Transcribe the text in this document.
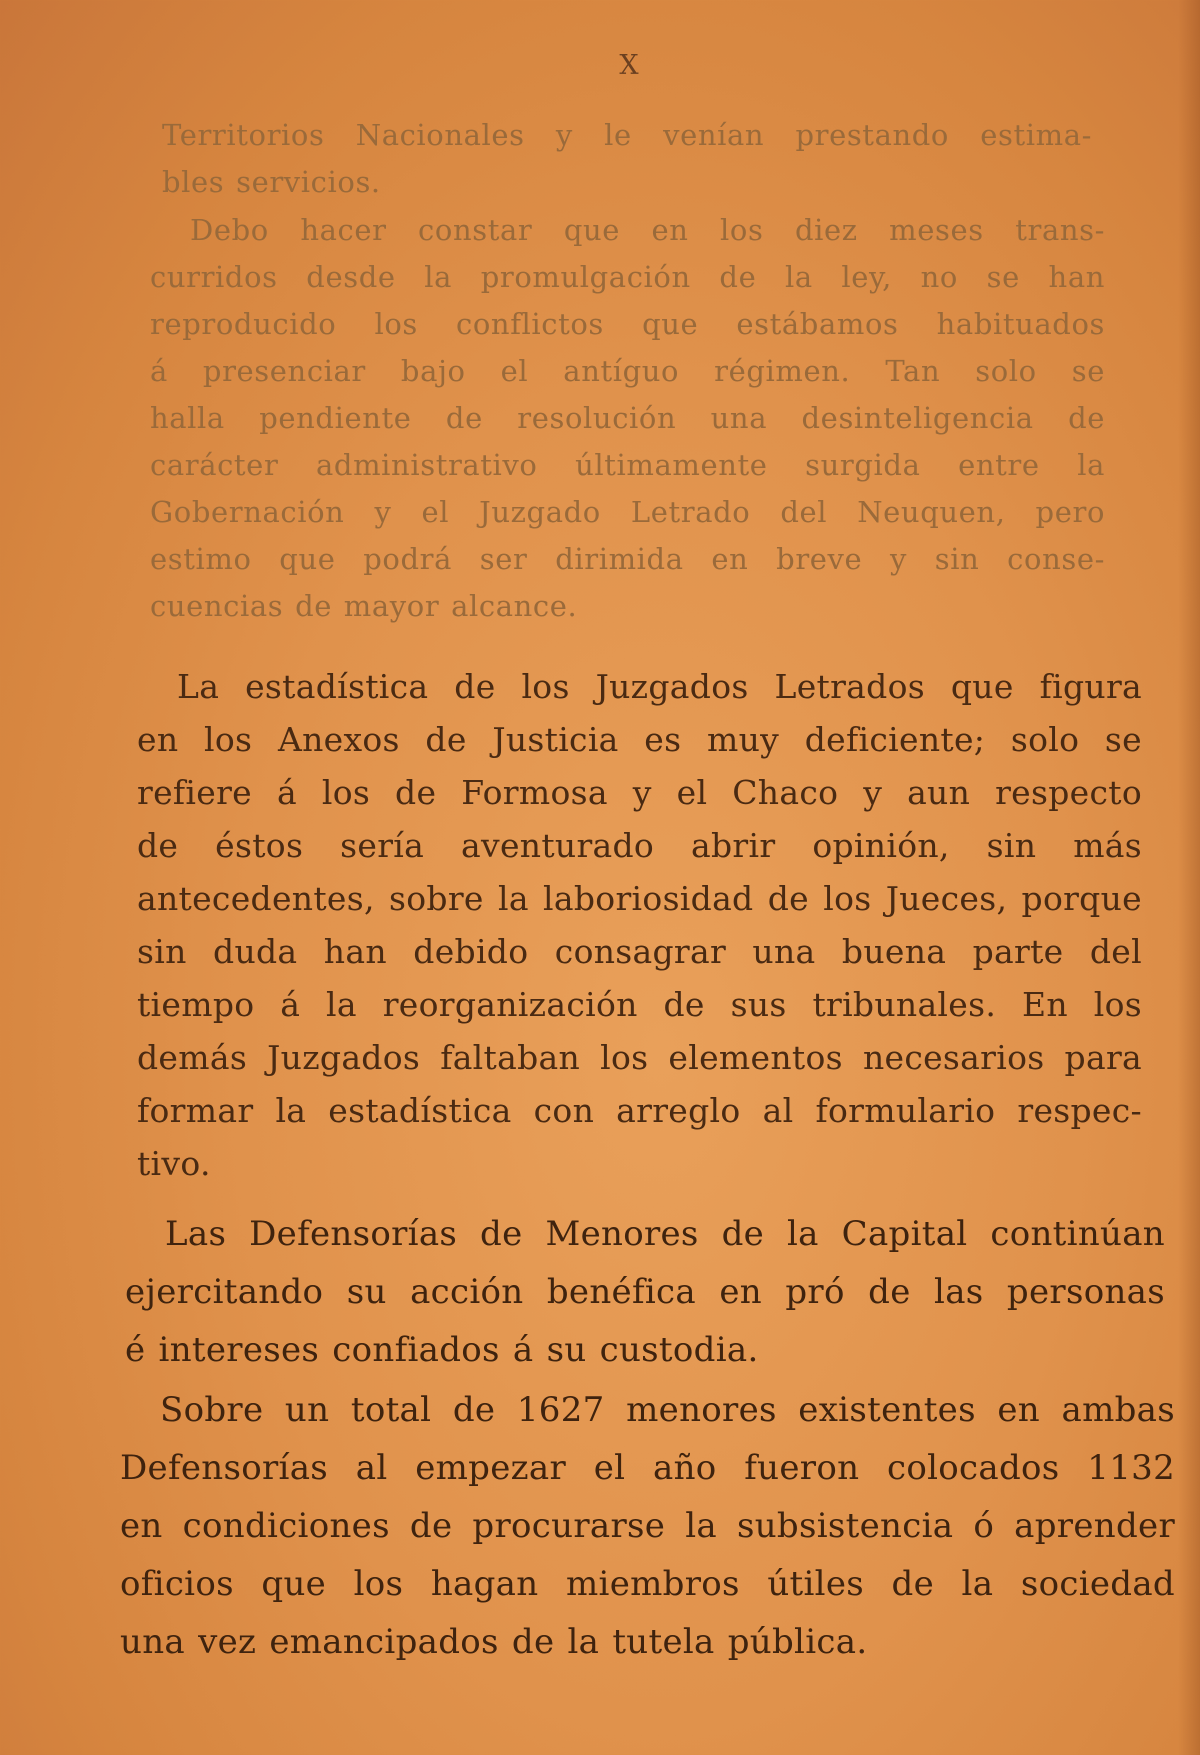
X
Territorios Nacionales y le venían prestando estima-
bles servicios.
Debo hacer constar que en los diez meses trans-
curridos desde la promulgación de la ley, no se han
reproducido los conflictos que estábamos habituados
á presenciar bajo el antíguo régimen. Tan solo se
halla pendiente de resolución una desinteligencia de
carácter administrativo últimamente surgida entre la
Gobernación y el Juzgado Letrado del Neuquen, pero
estimo que podrá ser dirimida en breve y sin conse-
cuencias de mayor alcance.
La estadística de los Juzgados Letrados que figura
en los Anexos de Justicia es muy deficiente; solo se
refiere á los de Formosa y el Chaco y aun respecto
de éstos sería aventurado abrir opinión, sin más
antecedentes, sobre la laboriosidad de los Jueces, porque
sin duda han debido consagrar una buena parte del
tiempo á la reorganización de sus tribunales. En los
demás Juzgados faltaban los elementos necesarios para
formar la estadística con arreglo al formulario respec-
tivo.
Las Defensorías de Menores de la Capital continúan
ejercitando su acción benéfica en pró de las personas
é intereses confiados á su custodia.
Sobre un total de 1627 menores existentes en ambas
Defensorías al empezar el año fueron colocados 1132
en condiciones de procurarse la subsistencia ó aprender
oficios que los hagan miembros útiles de la sociedad
una vez emancipados de la tutela pública.
